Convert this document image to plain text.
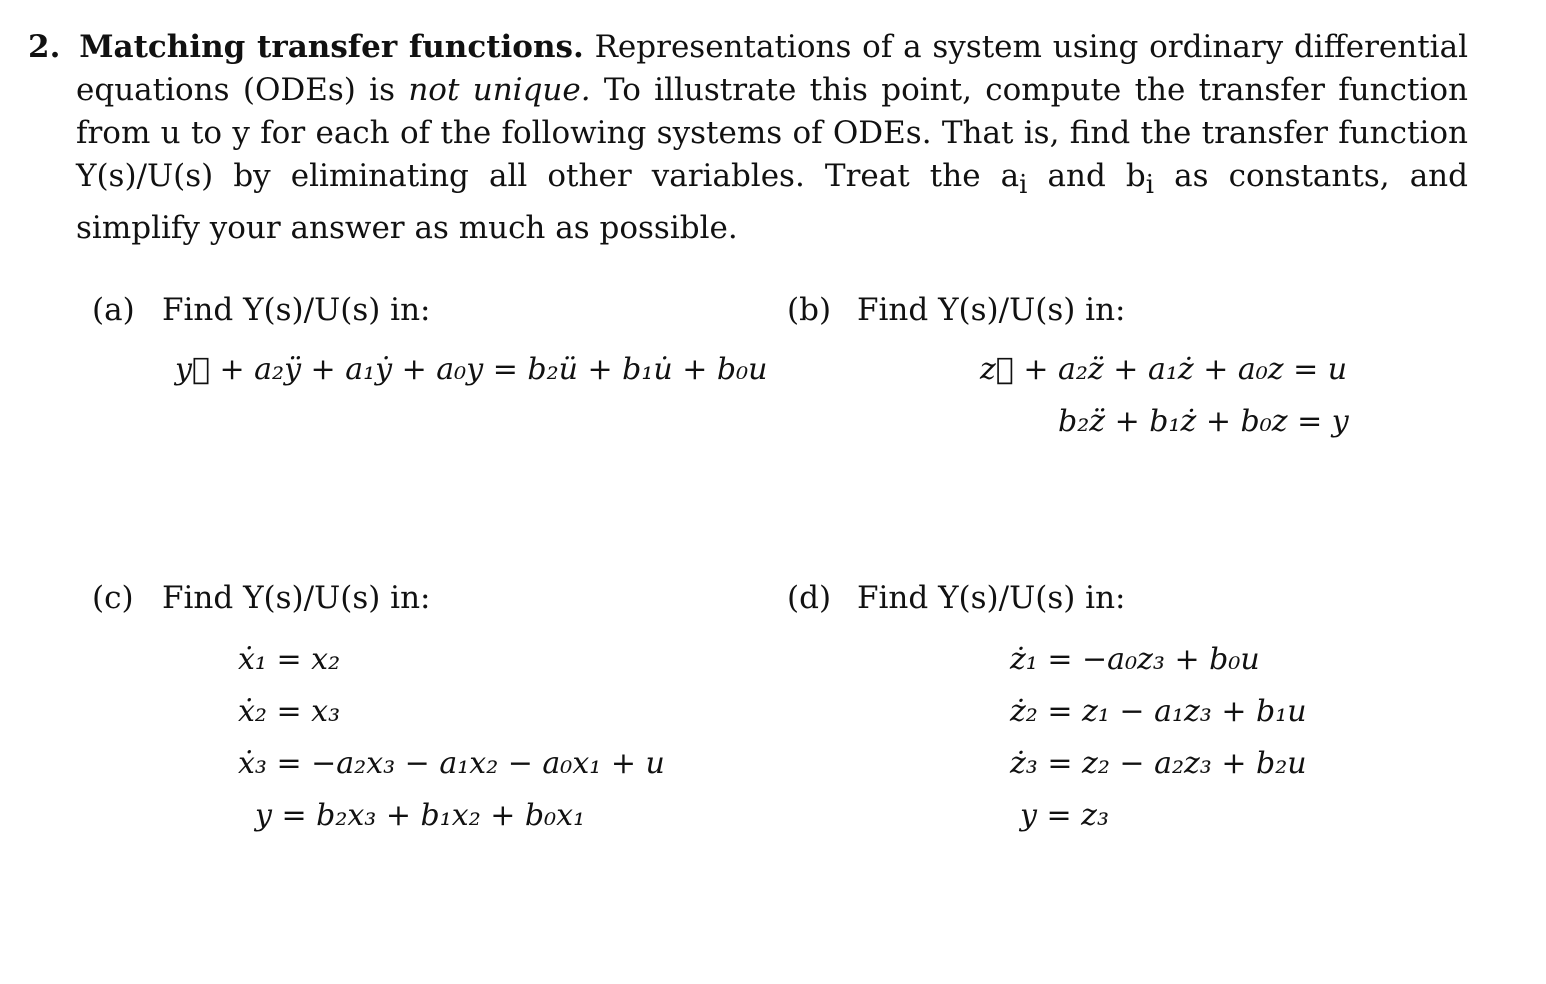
2. Matching transfer functions. Representations of a system using ordinary differential equations (ODEs) is not unique. To illustrate this point, compute the transfer function from u to y for each of the following systems of ODEs. That is, find the transfer function Y(s)/U(s) by eliminating all other variables. Treat the $a_i$ and $b_i$ as constants, and simplify your answer as much as possible.

(a) Find Y(s)/U(s) in:
y⃛ + a₂ÿ + a₁ẏ + a₀y = b₂ü + b₁u̇ + b₀u
(b) Find Y(s)/U(s) in:
z⃛ + a₂z̈ + a₁ż + a₀z = u
b₂z̈ + b₁ż + b₀z = y
(c) Find Y(s)/U(s) in:
ẋ₁ = x₂
ẋ₂ = x₃
ẋ₃ = −a₂x₃ − a₁x₂ − a₀x₁ + u
y = b₂x₃ + b₁x₂ + b₀x₁
(d) Find Y(s)/U(s) in:
ż₁ = −a₀z₃ + b₀u
ż₂ = z₁ − a₁z₃ + b₁u
ż₃ = z₂ − a₂z₃ + b₂u
y = z₃
